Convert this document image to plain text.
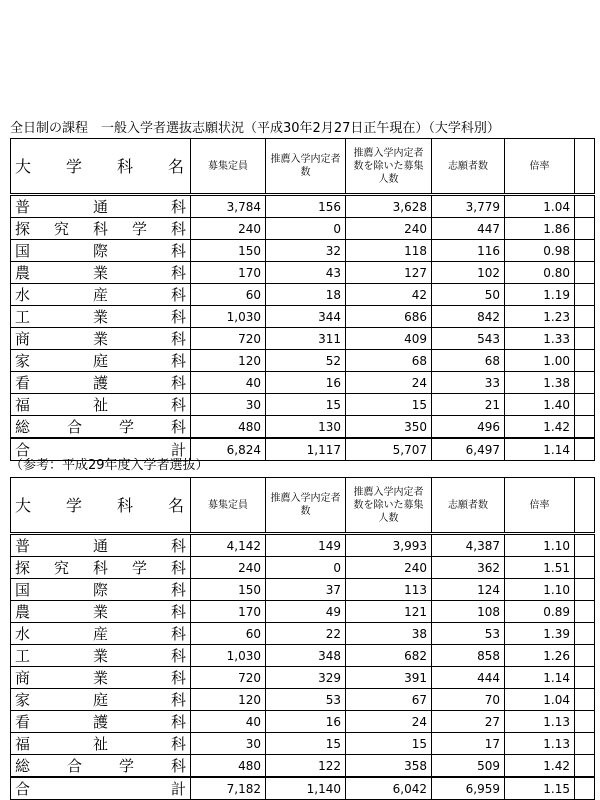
全日制の課程　一般入学者選抜志願状況（平成30年2月27日正午現在）（大学科別）
大 学 科 名	募集定員	推薦入学内定者数	推薦入学内定者数を除いた募集人数	志願者数	倍率	

普 通 科	3,784	156	3,628	3,779	1.04	

探 究 科 学 科	240	0	240	447	1.86	

国 際 科	150	32	118	116	0.98	

農 業 科	170	43	127	102	0.80	

水 産 科	60	18	42	50	1.19	

工 業 科	1,030	344	686	842	1.23	

商 業 科	720	311	409	543	1.33	

家 庭 科	120	52	68	68	1.00	

看 護 科	40	16	24	33	1.38	

福 祉 科	30	15	15	21	1.40	

総 合 学 科	480	130	350	496	1.42	

合 計	6,824	1,117	5,707	6,497	1.14	
（参考：平成29年度入学者選抜）
大 学 科 名	募集定員	推薦入学内定者数	推薦入学内定者数を除いた募集人数	志願者数	倍率	

普 通 科	4,142	149	3,993	4,387	1.10	

探 究 科 学 科	240	0	240	362	1.51	

国 際 科	150	37	113	124	1.10	

農 業 科	170	49	121	108	0.89	

水 産 科	60	22	38	53	1.39	

工 業 科	1,030	348	682	858	1.26	

商 業 科	720	329	391	444	1.14	

家 庭 科	120	53	67	70	1.04	

看 護 科	40	16	24	27	1.13	

福 祉 科	30	15	15	17	1.13	

総 合 学 科	480	122	358	509	1.42	

合 計	7,182	1,140	6,042	6,959	1.15	
